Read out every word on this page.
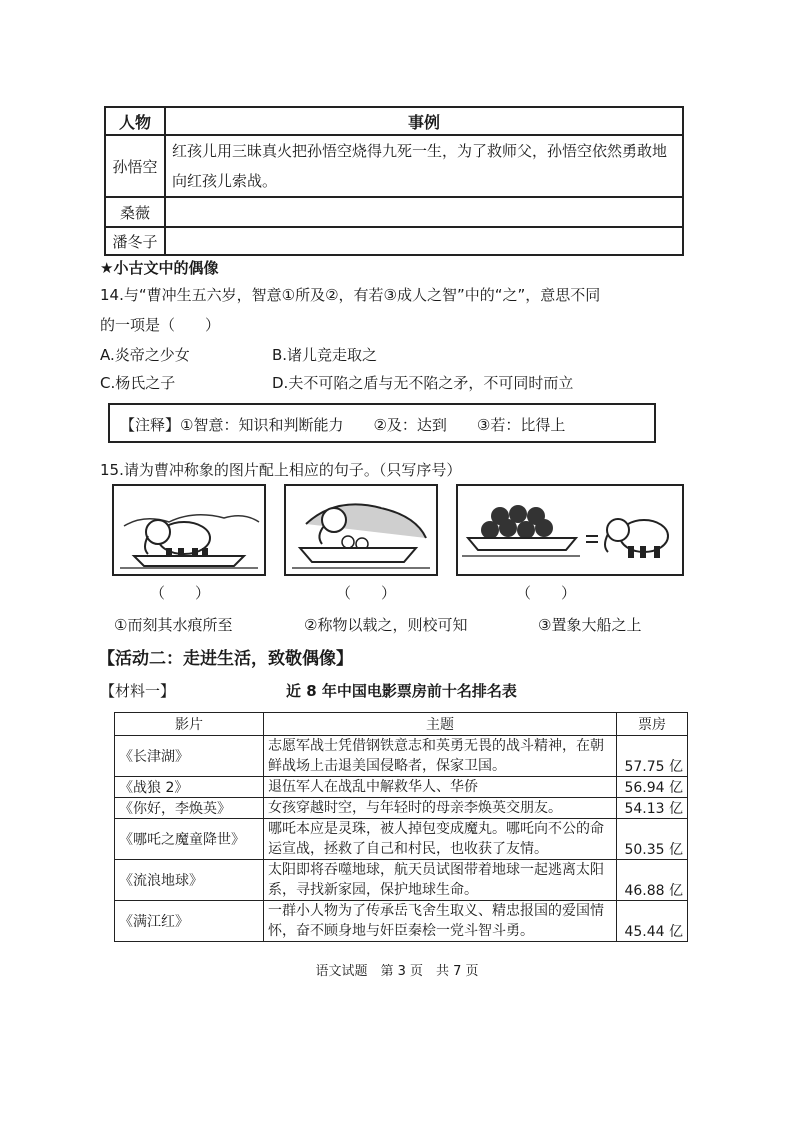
人物	事例
孙悟空	红孩儿用三昧真火把孙悟空烧得九死一生，为了救师父，孙悟空依然勇敢地向红孩儿索战。
桑薇	
潘冬子	
★小古文中的偶像
14.与“曹冲生五六岁，智意①所及②，有若③成人之智”中的“之”，意思不同
的一项是（　　）
A.炎帝之少女	B.诸儿竞走取之
C.杨氏之子	D.夫不可陷之盾与无不陷之矛，不可同时而立
【注释】①智意：知识和判断能力　　②及：达到　　③若：比得上
15.请为曹冲称象的图片配上相应的句子。（只写序号）
（　　）	（　　）	（　　）
①而刻其水痕所至	②称物以载之，则校可知	③置象大船之上
【活动二：走进生活，致敬偶像】
【材料一】	近 8 年中国电影票房前十名排名表
影片	主题	票房
《长津湖》	志愿军战士凭借钢铁意志和英勇无畏的战斗精神，在朝鲜战场上击退美国侵略者，保家卫国。	57.75 亿
《战狼 2》	退伍军人在战乱中解救华人、华侨	56.94 亿
《你好，李焕英》	女孩穿越时空，与年轻时的母亲李焕英交朋友。	54.13 亿
《哪吒之魔童降世》	哪吒本应是灵珠，被人掉包变成魔丸。哪吒向不公的命运宣战，拯救了自己和村民，也收获了友情。	50.35 亿
《流浪地球》	太阳即将吞噬地球，航天员试图带着地球一起逃离太阳系，寻找新家园，保护地球生命。	46.88 亿
《满江红》	一群小人物为了传承岳飞舍生取义、精忠报国的爱国情怀，奋不顾身地与奸臣秦桧一党斗智斗勇。	45.44 亿
语文试题　第 3 页　共 7 页
